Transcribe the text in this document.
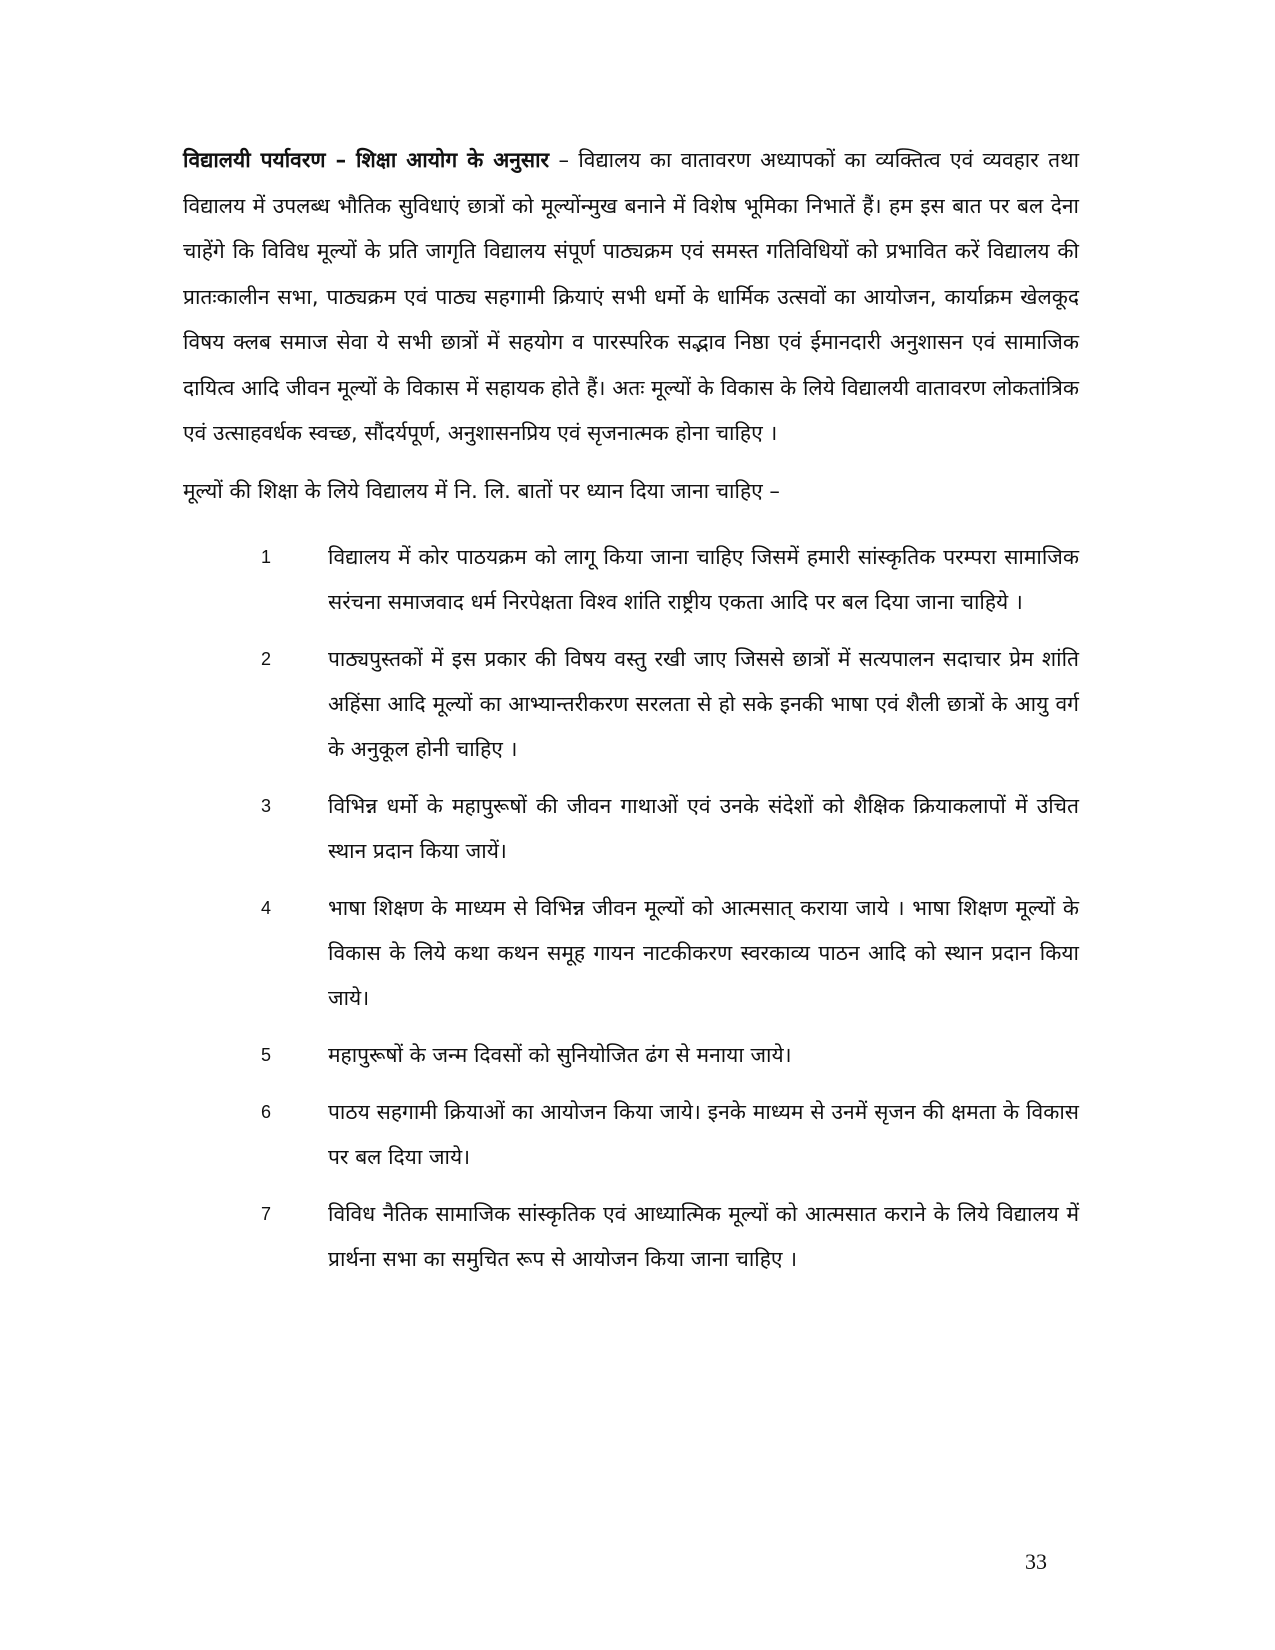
विद्यालयी पर्यावरण – शिक्षा आयोग के अनुसार – विद्यालय का वातावरण अध्यापकों का व्यक्तित्व एवं व्यवहार तथा विद्यालय में उपलब्ध भौतिक सुविधाएं छात्रों को मूल्योंन्मुख बनाने में विशेष भूमिका निभातें हैं। हम इस बात पर बल देना चाहेंगे कि विविध मूल्यों के प्रति जागृति विद्यालय संपूर्ण पाठ्यक्रम एवं समस्त गतिविधियों को प्रभावित करें विद्यालय की प्रातःकालीन सभा, पाठ्यक्रम एवं पाठ्य सहगामी क्रियाएं सभी धर्मो के धार्मिक उत्सवों का आयोजन, कार्याक्रम खेलकूद विषय क्लब समाज सेवा ये सभी छात्रों में सहयोग व पारस्परिक सद्भाव निष्ठा एवं ईमानदारी अनुशासन एवं सामाजिक दायित्व आदि जीवन मूल्यों के विकास में सहायक होते हैं। अतः मूल्यों के विकास के लिये विद्यालयी वातावरण लोकतांत्रिक एवं उत्साहवर्धक स्वच्छ, सौंदर्यपूर्ण, अनुशासनप्रिय एवं सृजनात्मक होना चाहिए ।

मूल्यों की शिक्षा के लिये विद्यालय में नि. लि. बातों पर ध्यान दिया जाना चाहिए –

1	विद्यालय में कोर पाठयक्रम को लागू किया जाना चाहिए जिसमें हमारी सांस्कृतिक परम्परा सामाजिक सरंचना समाजवाद धर्म निरपेक्षता विश्व शांति राष्ट्रीय एकता आदि पर बल दिया जाना चाहिये ।
2	पाठ्यपुस्तकों में इस प्रकार की विषय वस्तु रखी जाए जिससे छात्रों में सत्यपालन सदाचार प्रेम शांति अहिंसा आदि मूल्यों का आभ्यान्तरीकरण सरलता से हो सके इनकी भाषा एवं शैली छात्रों के आयु वर्ग के अनुकूल होनी चाहिए ।
3	विभिन्न धर्मो के महापुरूषों की जीवन गाथाओं एवं उनके संदेशों को शैक्षिक क्रियाकलापों में उचित स्थान प्रदान किया जायें।
4	भाषा शिक्षण के माध्यम से विभिन्न जीवन मूल्यों को आत्मसात् कराया जाये । भाषा शिक्षण मूल्यों के विकास के लिये कथा कथन समूह गायन नाटकीकरण स्वरकाव्य पाठन आदि को स्थान प्रदान किया जाये।
5	महापुरूषों के जन्म दिवसों को सुनियोजित ढंग से मनाया जाये।
6	पाठय सहगामी क्रियाओं का आयोजन किया जाये। इनके माध्यम से उनमें सृजन की क्षमता के विकास पर बल दिया जाये।
7	विविध नैतिक सामाजिक सांस्कृतिक एवं आध्यात्मिक मूल्यों को आत्मसात कराने के लिये विद्यालय में प्रार्थना सभा का समुचित रूप से आयोजन किया जाना चाहिए ।
33
